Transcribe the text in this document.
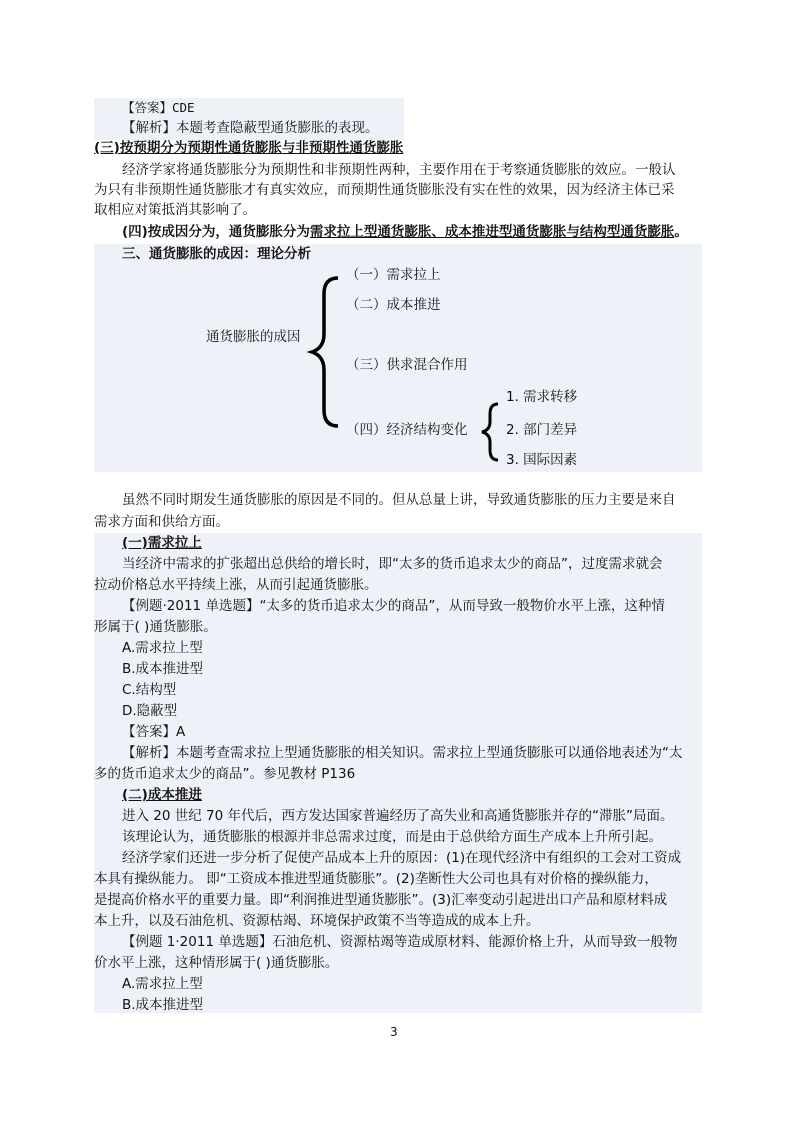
【答案】CDE
【解析】本题考查隐蔽型通货膨胀的表现。
(三)按预期分为预期性通货膨胀与非预期性通货膨胀
经济学家将通货膨胀分为预期性和非预期性两种，主要作用在于考察通货膨胀的效应。一般认
为只有非预期性通货膨胀才有真实效应，而预期性通货膨胀没有实在性的效果，因为经济主体已采
取相应对策抵消其影响了。
(四)按成因分为，通货膨胀分为需求拉上型通货膨胀、成本推进型通货膨胀与结构型通货膨胀。
三、通货膨胀的成因：理论分析
通货膨胀的成因
（一）需求拉上
（二）成本推进
（三）供求混合作用
（四）经济结构变化
1. 需求转移
2. 部门差异
3. 国际因素
虽然不同时期发生通货膨胀的原因是不同的。但从总量上讲，导致通货膨胀的压力主要是来自
需求方面和供给方面。
(一)需求拉上
当经济中需求的扩张超出总供给的增长时，即“太多的货币追求太少的商品”，过度需求就会
拉动价格总水平持续上涨，从而引起通货膨胀。
【例题·2011 单选题】“太多的货币追求太少的商品”，从而导致一般物价水平上涨，这种情
形属于( )通货膨胀。
A.需求拉上型
B.成本推进型
C.结构型
D.隐蔽型
【答案】A
【解析】本题考查需求拉上型通货膨胀的相关知识。需求拉上型通货膨胀可以通俗地表述为“太
多的货币追求太少的商品”。参见教材 P136
(二)成本推进
进入 20 世纪 70 年代后，西方发达国家普遍经历了高失业和高通货膨胀并存的“滞胀”局面。
该理论认为，通货膨胀的根源并非总需求过度，而是由于总供给方面生产成本上升所引起。
经济学家们还进一步分析了促使产品成本上升的原因：(1)在现代经济中有组织的工会对工资成
本具有操纵能力。 即“工资成本推进型通货膨胀”。(2)垄断性大公司也具有对价格的操纵能力，
是提高价格水平的重要力量。即“利润推进型通货膨胀”。(3)汇率变动引起进出口产品和原材料成
本上升，以及石油危机、资源枯竭、环境保护政策不当等造成的成本上升。
【例题 1·2011 单选题】石油危机、资源枯竭等造成原材料、能源价格上升，从而导致一般物
价水平上涨，这种情形属于( )通货膨胀。
A.需求拉上型
B.成本推进型
3
